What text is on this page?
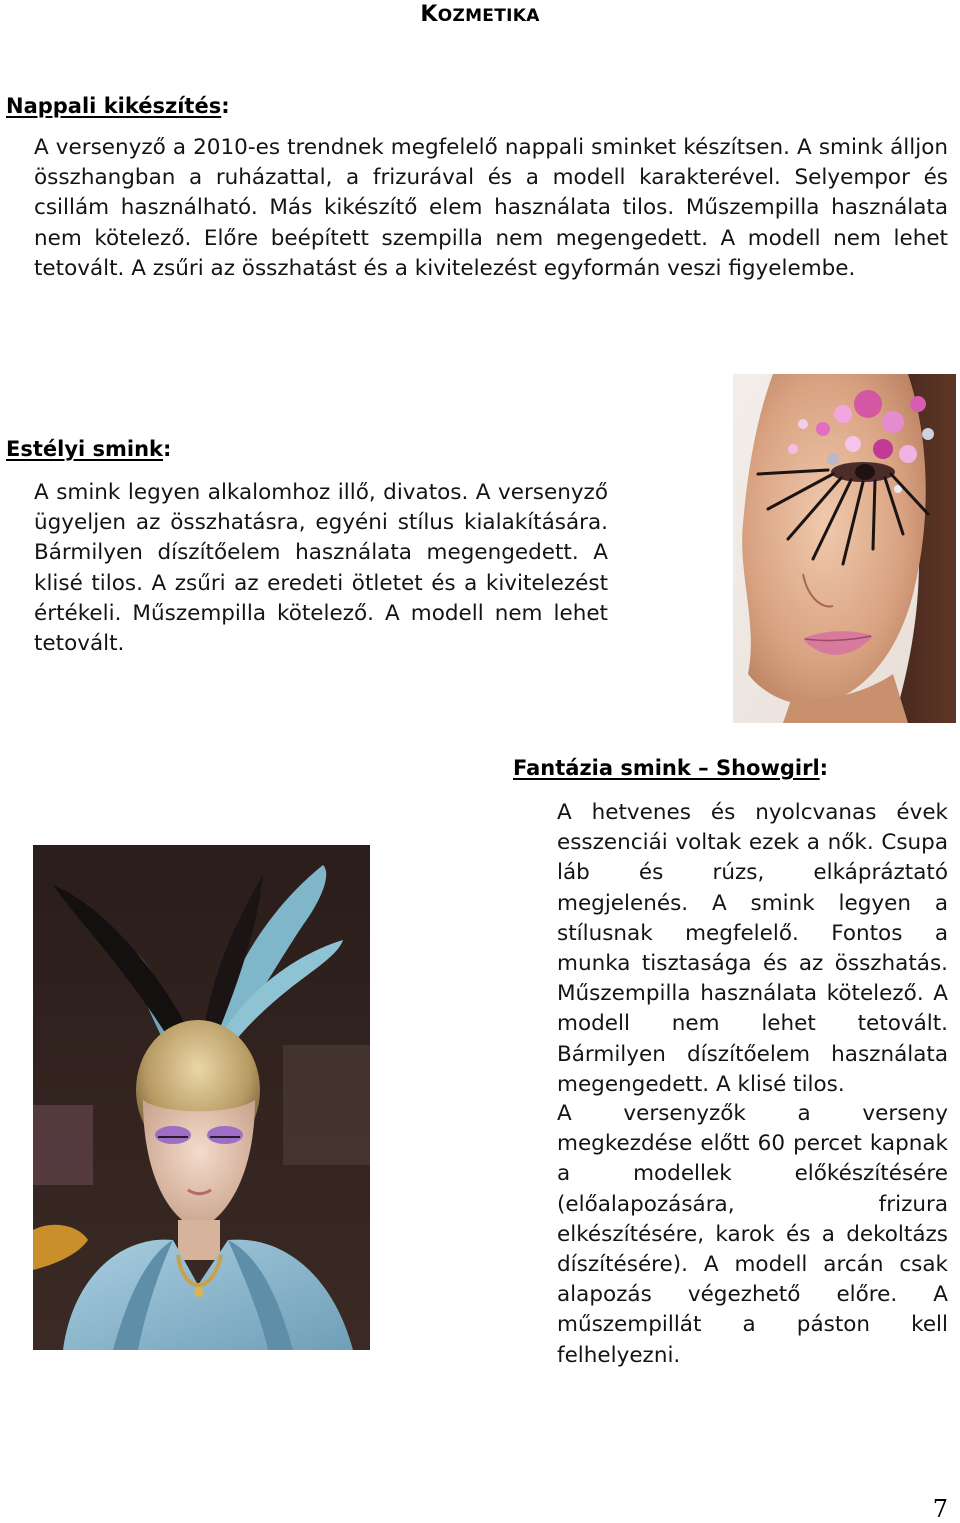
KOZMETIKA
Nappali kikészítés:

A versenyző a 2010-es trendnek megfelelő nappali sminket készítsen. A smink álljon összhangban a ruházattal, a frizurával és a modell karakterével. Selyempor és csillám használható. Más kikészítő elem használata tilos. Műszempilla használata nem kötelező. Előre beépített szempilla nem megengedett. A modell nem lehet tetovált. A zsűri az összhatást és a kivitelezést egyformán veszi figyelembe.

Estélyi smink:

A smink legyen alkalomhoz illő, divatos. A versenyző ügyeljen az összhatásra, egyéni stílus kialakítására. Bármilyen díszítőelem használata megengedett. A klisé tilos. A zsűri az eredeti ötletet és a kivitelezést értékeli. Műszempilla kötelező. A modell nem lehet tetovált.

Fantázia smink – Showgirl:

A hetvenes és nyolcvanas évek esszenciái voltak ezek a nők. Csupa láb és rúzs, elkápráztató megjelenés. A smink legyen a stílusnak megfelelő. Fontos a munka tisztasága és az összhatás. Műszempilla használata kötelező. A modell nem lehet tetovált. Bármilyen díszítőelem használata megengedett. A klisé tilos.

A versenyzők a verseny megkezdése előtt 60 percet kapnak a modellek előkészítésére (előalapozására, frizura elkészítésére, karok és a dekoltázs díszítésére). A modell arcán csak alapozás végezhető előre. A műszempillát a páston kell felhelyezni.

7
